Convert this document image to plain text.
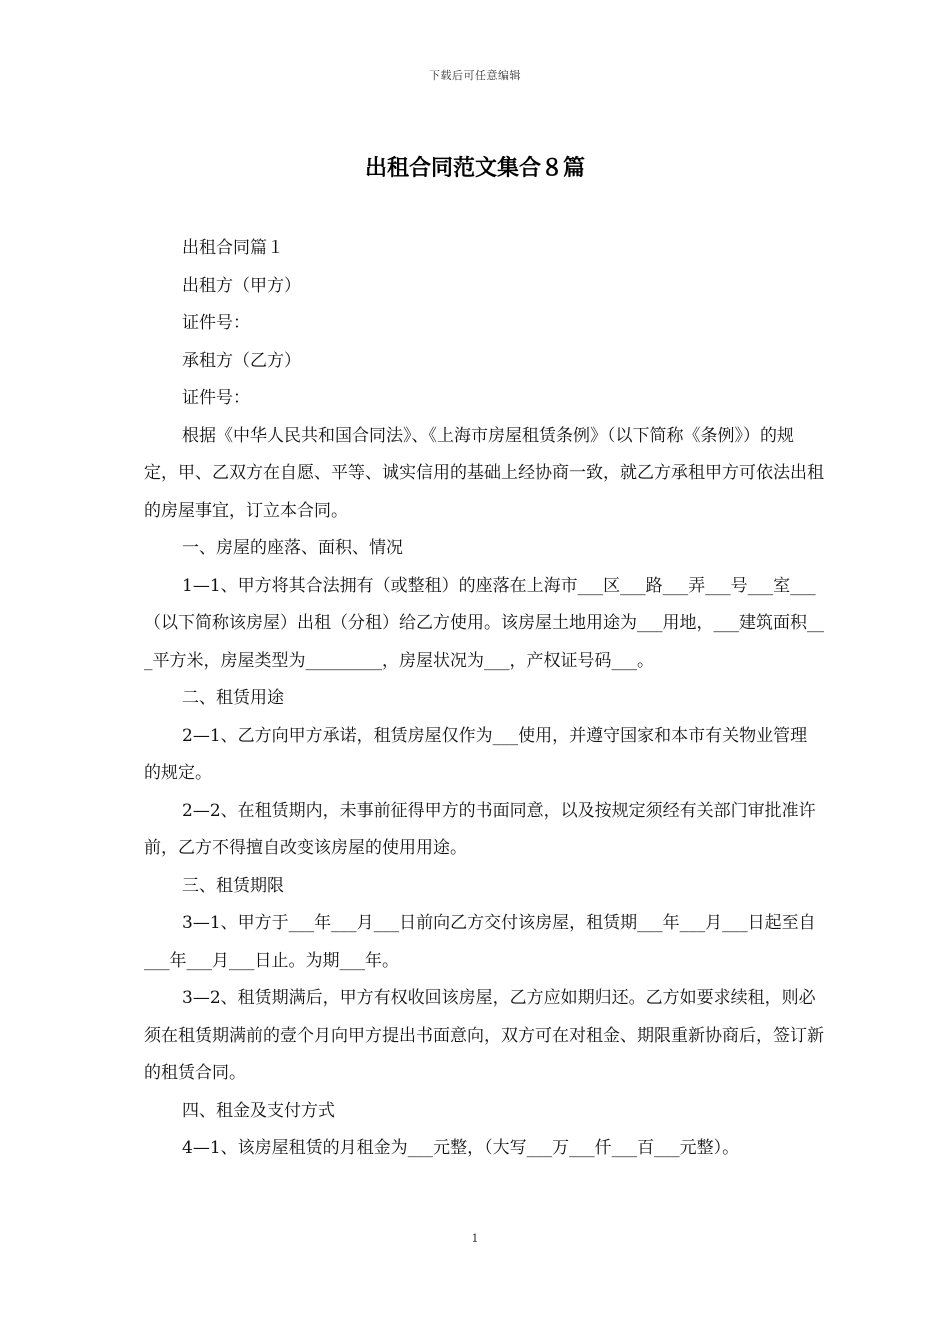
下载后可任意编辑
出租合同范文集合８篇

出租合同篇１

出租方（甲方）

证件号：

承租方（乙方）

证件号：

根据《中华人民共和国合同法》、《上海市房屋租赁条例》（以下简称《条例》）的规定，甲、乙双方在自愿、平等、诚实信用的基础上经协商一致，就乙方承租甲方可依法出租的房屋事宜，订立本合同。

一、房屋的座落、面积、情况

1—1、甲方将其合法拥有（或整租）的座落在上海市___区___路___弄___号___室___（以下简称该房屋）出租（分租）给乙方使用。该房屋土地用途为___用地，___建筑面积___平方米，房屋类型为_________，房屋状况为___，产权证号码___。

二、租赁用途

2—1、乙方向甲方承诺，租赁房屋仅作为___使用，并遵守国家和本市有关物业管理的规定。

2—2、在租赁期内，未事前征得甲方的书面同意，以及按规定须经有关部门审批准许前，乙方不得擅自改变该房屋的使用用途。

三、租赁期限

3—1、甲方于___年___月___日前向乙方交付该房屋，租赁期___年___月___日起至自___年___月___日止。为期___年。

3—2、租赁期满后，甲方有权收回该房屋，乙方应如期归还。乙方如要求续租，则必须在租赁期满前的壹个月向甲方提出书面意向，双方可在对租金、期限重新协商后，签订新的租赁合同。

四、租金及支付方式

4—1、该房屋租赁的月租金为___元整，（大写___万___仟___百___元整）。

1
